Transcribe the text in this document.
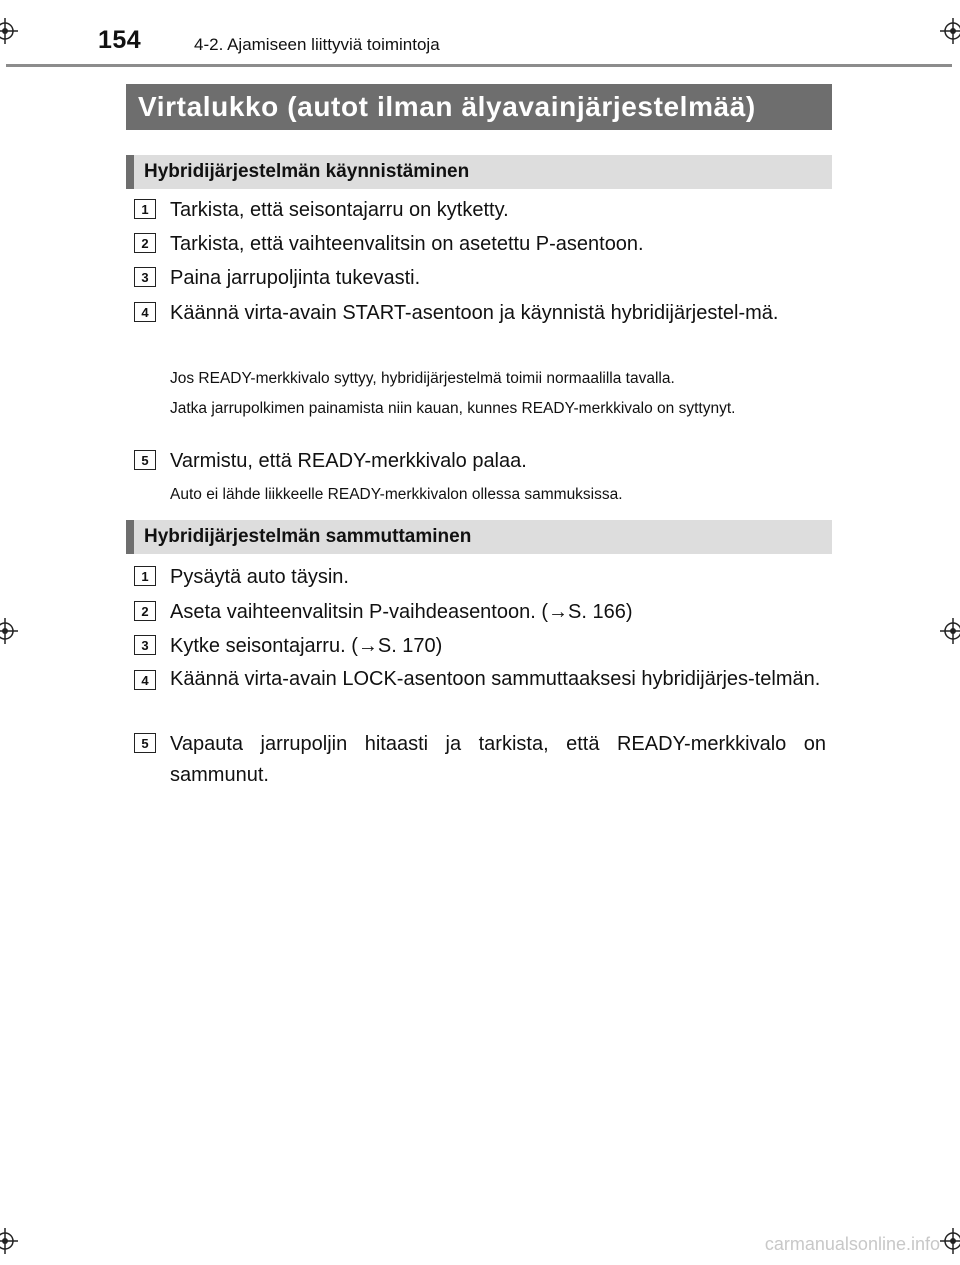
154	4-2. Ajamiseen liittyviä toimintoja
Virtalukko (autot ilman älyavainjärjestelmää)
Hybridijärjestelmän käynnistäminen
1	Tarkista, että seisontajarru on kytketty.
2	Tarkista, että vaihteenvalitsin on asetettu P-asentoon.
3	Paina jarrupoljinta tukevasti.
4	Käännä virta-avain START-asentoon ja käynnistä hybridijärjestel-mä.
Jos READY-merkkivalo syttyy, hybridijärjestelmä toimii normaalilla tavalla.
Jatka jarrupolkimen painamista niin kauan, kunnes READY-merkkivalo on syttynyt.
5	Varmistu, että READY-merkkivalo palaa.
Auto ei lähde liikkeelle READY-merkkivalon ollessa sammuksissa.
Hybridijärjestelmän sammuttaminen
1	Pysäytä auto täysin.
2	Aseta vaihteenvalitsin P-vaihdeasentoon. (→S. 166)
3	Kytke seisontajarru. (→S. 170)
4	Käännä virta-avain LOCK-asentoon sammuttaaksesi hybridijärjes-telmän.
5	Vapauta jarrupoljin hitaasti ja tarkista, että READY-merkkivalo on sammunut.
carmanualsonline.info
